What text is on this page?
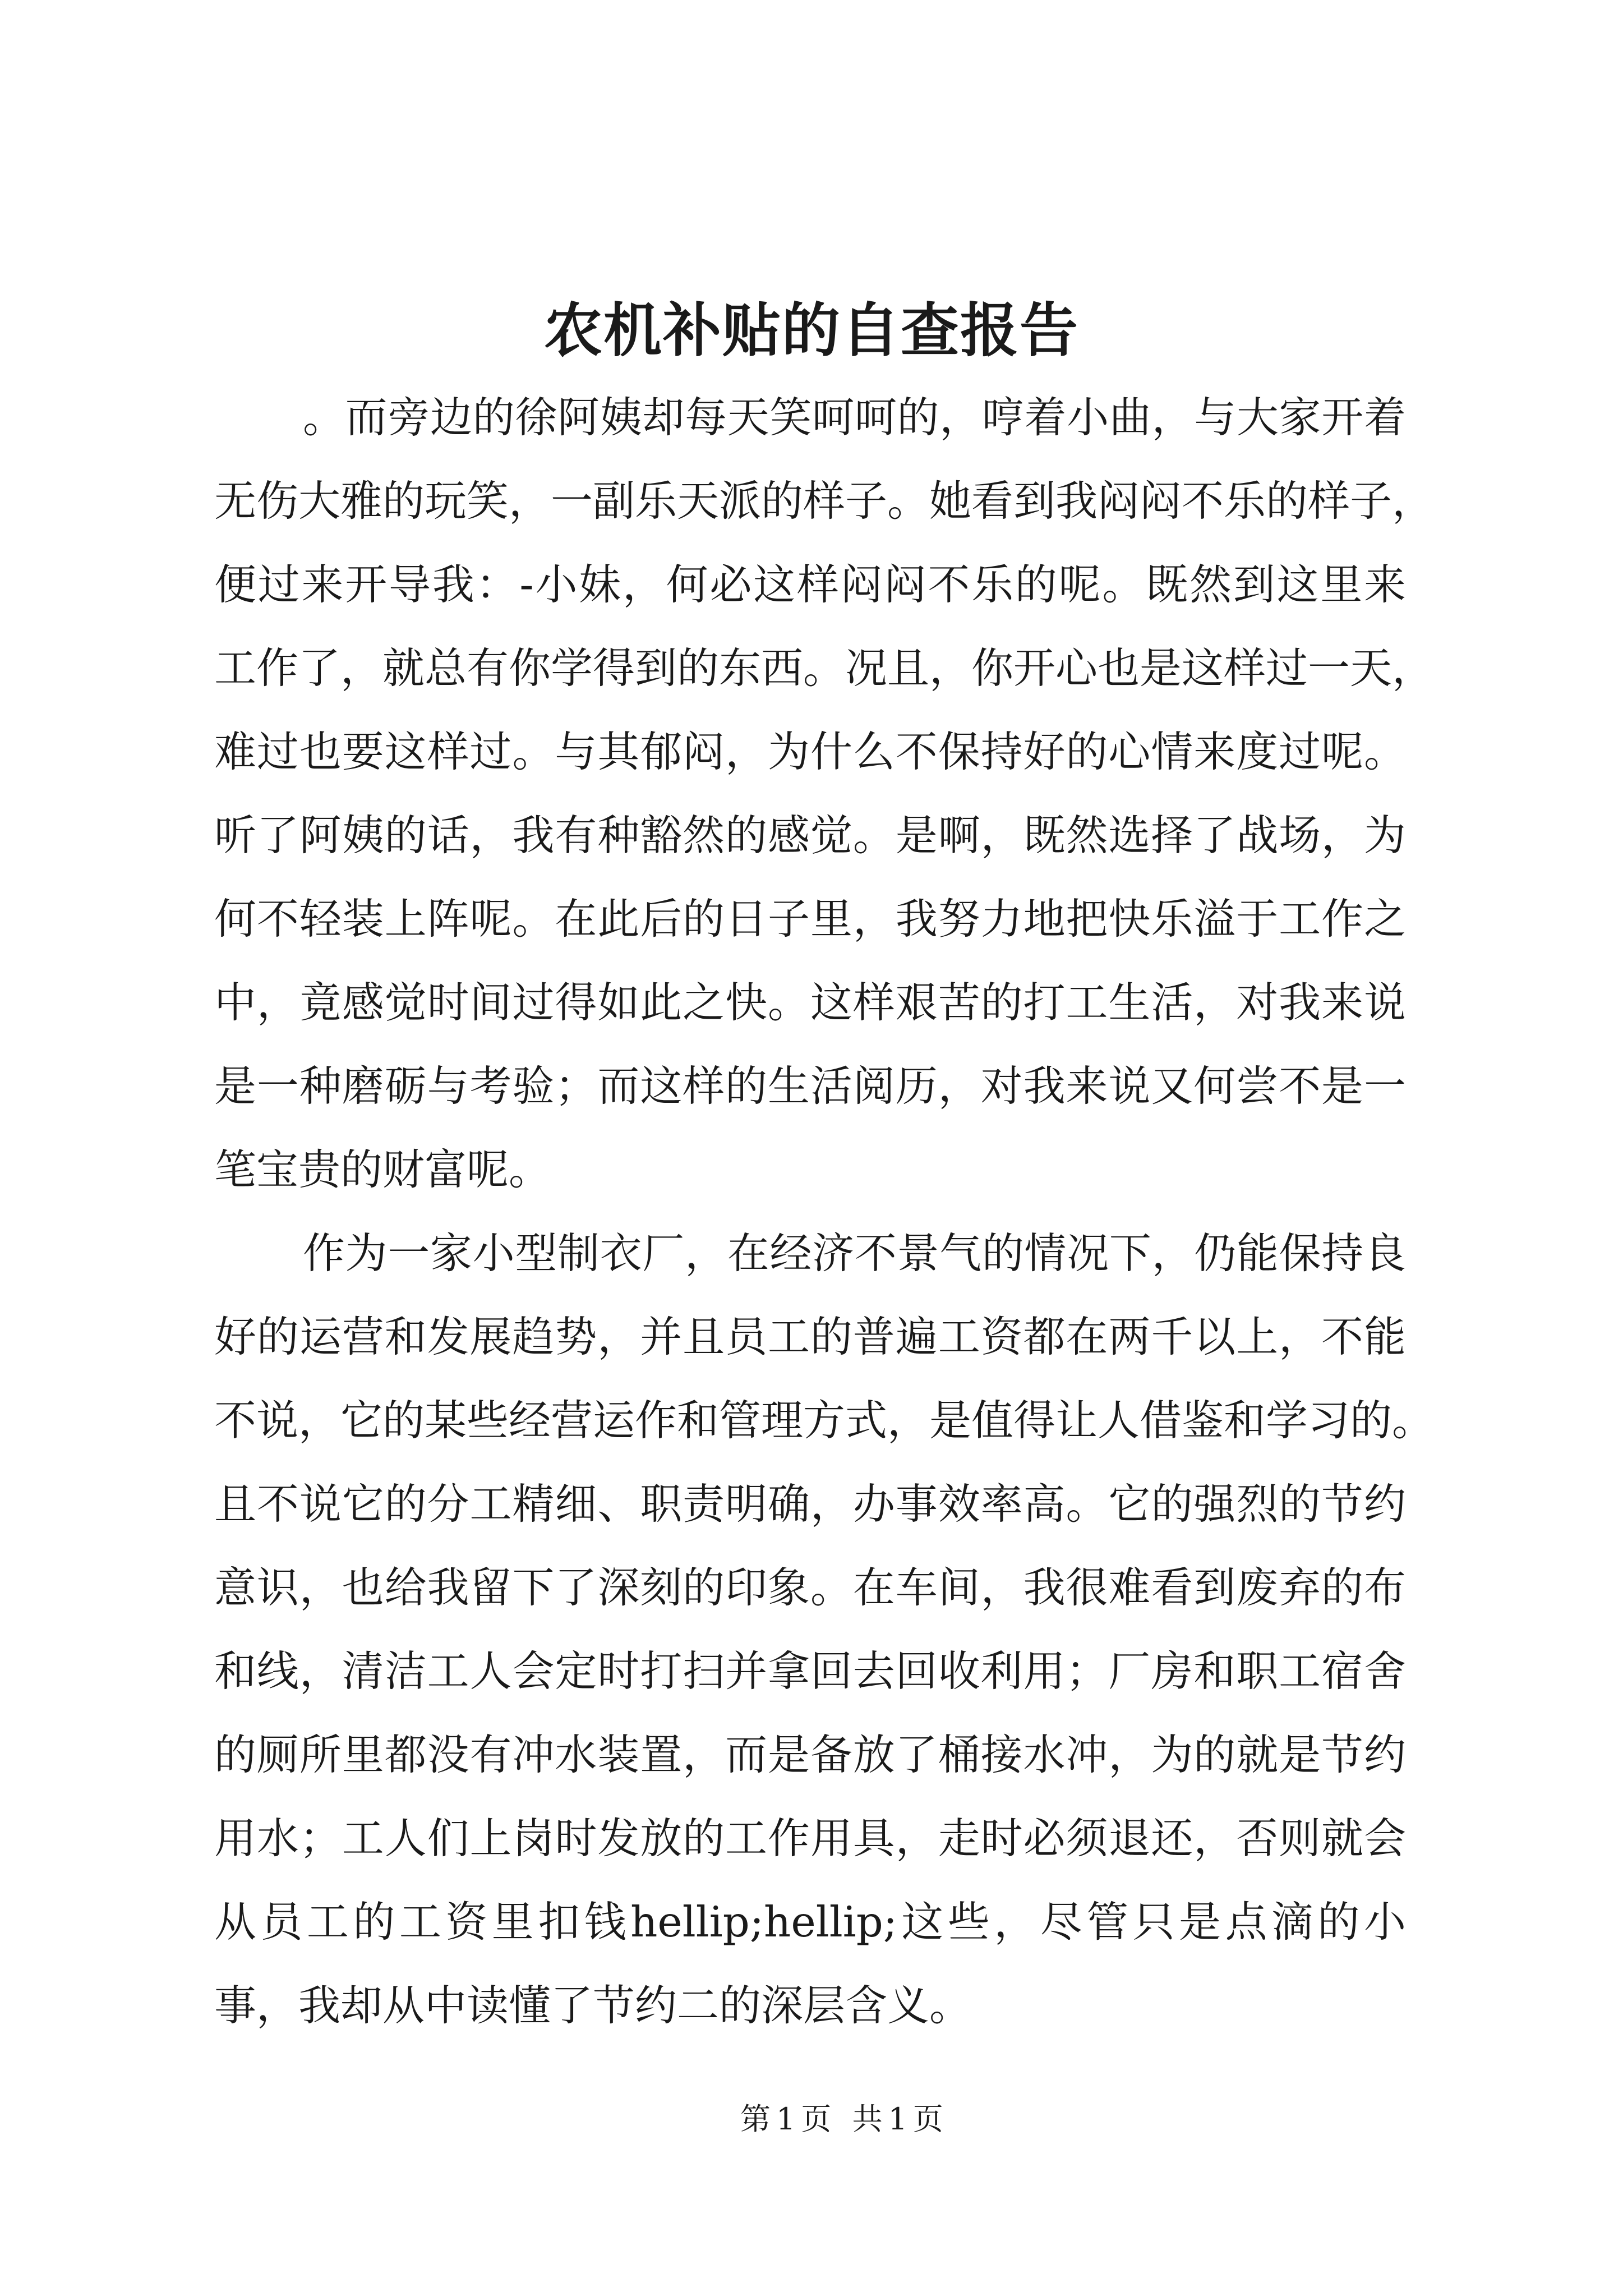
农机补贴的自查报告
。而旁边的徐阿姨却每天笑呵呵的，哼着小曲，与大家开着
无伤大雅的玩笑，一副乐天派的样子。她看到我闷闷不乐的样子，
便过来开导我：-小妹，何必这样闷闷不乐的呢。既然到这里来
工作了，就总有你学得到的东西。况且，你开心也是这样过一天，
难过也要这样过。与其郁闷，为什么不保持好的心情来度过呢。
听了阿姨的话，我有种豁然的感觉。是啊，既然选择了战场，为
何不轻装上阵呢。在此后的日子里，我努力地把快乐溢于工作之
中，竟感觉时间过得如此之快。这样艰苦的打工生活，对我来说
是一种磨砺与考验；而这样的生活阅历，对我来说又何尝不是一
笔宝贵的财富呢。
作为一家小型制衣厂，在经济不景气的情况下，仍能保持良
好的运营和发展趋势，并且员工的普遍工资都在两千以上，不能
不说，它的某些经营运作和管理方式，是值得让人借鉴和学习的。
且不说它的分工精细、职责明确，办事效率高。它的强烈的节约
意识，也给我留下了深刻的印象。在车间，我很难看到废弃的布
和线，清洁工人会定时打扫并拿回去回收利用；厂房和职工宿舍
的厕所里都没有冲水装置，而是备放了桶接水冲，为的就是节约
用水；工人们上岗时发放的工作用具，走时必须退还，否则就会
从员工的工资里扣钱hellip;hellip;这些，尽管只是点滴的小
事，我却从中读懂了节约二的深层含义。
第1页 共1页
